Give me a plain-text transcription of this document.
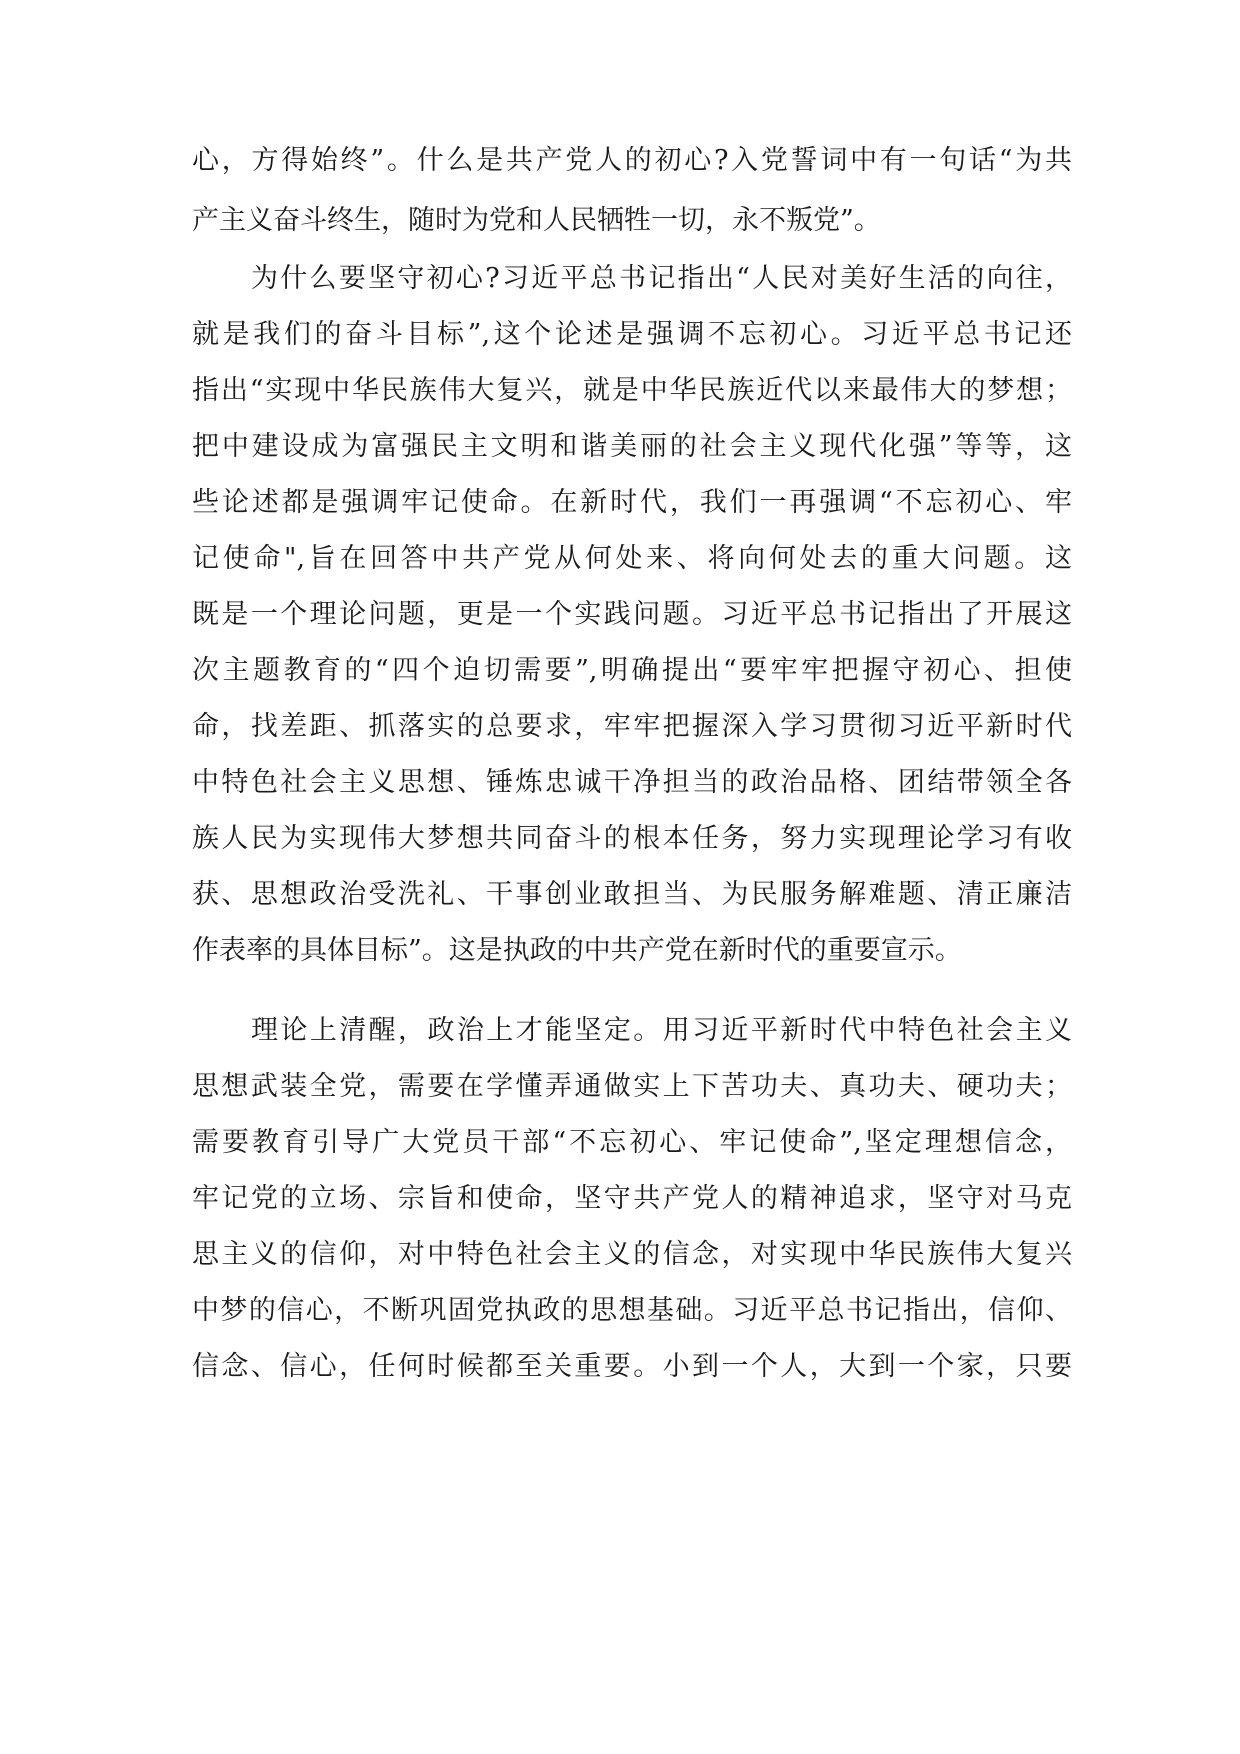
心，方得始终”。什么是共产党人的初心?入党誓词中有一句话“为共
产主义奋斗终生，随时为党和人民牺牲一切，永不叛党”。
为什么要坚守初心?习近平总书记指出“人民对美好生活的向往，
就是我们的奋斗目标”,这个论述是强调不忘初心。习近平总书记还
指出“实现中华民族伟大复兴，就是中华民族近代以来最伟大的梦想；
把中建设成为富强民主文明和谐美丽的社会主义现代化强”等等，这
些论述都是强调牢记使命。在新时代，我们一再强调“不忘初心、牢
记使命",旨在回答中共产党从何处来、将向何处去的重大问题。这
既是一个理论问题，更是一个实践问题。习近平总书记指出了开展这
次主题教育的“四个迫切需要”,明确提出“要牢牢把握守初心、担使
命，找差距、抓落实的总要求，牢牢把握深入学习贯彻习近平新时代
中特色社会主义思想、锤炼忠诚干净担当的政治品格、团结带领全各
族人民为实现伟大梦想共同奋斗的根本任务，努力实现理论学习有收
获、思想政治受洗礼、干事创业敢担当、为民服务解难题、清正廉洁
作表率的具体目标”。这是执政的中共产党在新时代的重要宣示。
理论上清醒，政治上才能坚定。用习近平新时代中特色社会主义
思想武装全党，需要在学懂弄通做实上下苦功夫、真功夫、硬功夫；
需要教育引导广大党员干部“不忘初心、牢记使命”,坚定理想信念，
牢记党的立场、宗旨和使命，坚守共产党人的精神追求，坚守对马克
思主义的信仰，对中特色社会主义的信念，对实现中华民族伟大复兴
中梦的信心，不断巩固党执政的思想基础。习近平总书记指出，信仰、
信念、信心，任何时候都至关重要。小到一个人，大到一个家，只要
